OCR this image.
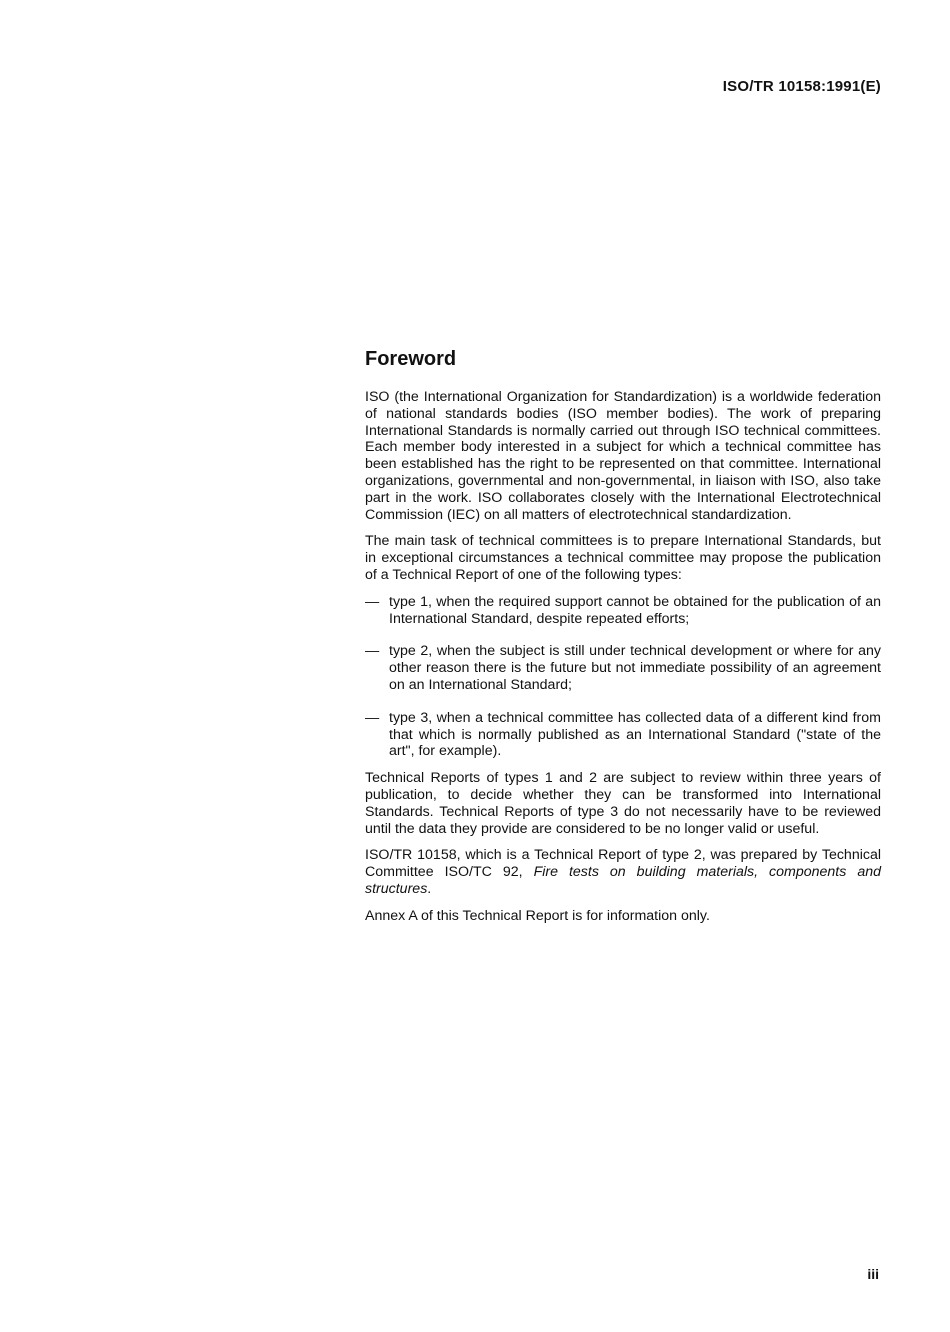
ISO/TR 10158:1991(E)

Foreword

ISO (the International Organization for Standardization) is a worldwide federation of national standards bodies (ISO member bodies). The work of preparing International Standards is normally carried out through ISO technical committees. Each member body interested in a subject for which a technical committee has been established has the right to be represented on that committee. International organizations, governmental and non-governmental, in liaison with ISO, also take part in the work. ISO collaborates closely with the International Electrotechnical Commission (IEC) on all matters of electrotechnical standardization.

The main task of technical committees is to prepare International Standards, but in exceptional circumstances a technical committee may propose the publication of a Technical Report of one of the following types:

— type 1, when the required support cannot be obtained for the publication of an International Standard, despite repeated efforts;
— type 2, when the subject is still under technical development or where for any other reason there is the future but not immediate possibility of an agreement on an International Standard;
— type 3, when a technical committee has collected data of a different kind from that which is normally published as an International Standard ("state of the art", for example).

Technical Reports of types 1 and 2 are subject to review within three years of publication, to decide whether they can be transformed into International Standards. Technical Reports of type 3 do not necessarily have to be reviewed until the data they provide are considered to be no longer valid or useful.

ISO/TR 10158, which is a Technical Report of type 2, was prepared by Technical Committee ISO/TC 92, Fire tests on building materials, components and structures.

Annex A of this Technical Report is for information only.

iii
